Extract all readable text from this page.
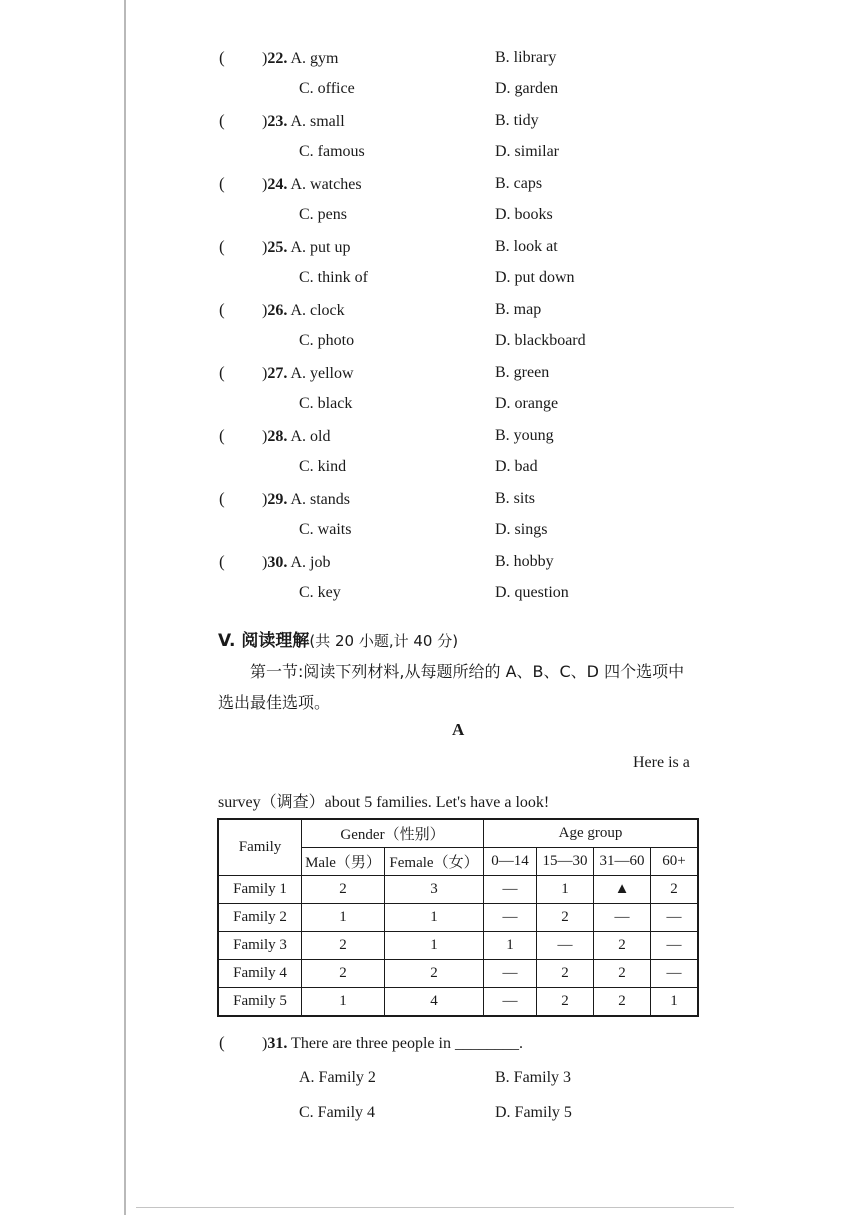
( )22. A. gym	B. library
C. office	D. garden
( )23. A. small	B. tidy
C. famous	D. similar
( )24. A. watches	B. caps
C. pens	D. books
( )25. A. put up	B. look at
C. think of	D. put down
( )26. A. clock	B. map
C. photo	D. blackboard
( )27. A. yellow	B. green
C. black	D. orange
( )28. A. old	B. young
C. kind	D. bad
( )29. A. stands	B. sits
C. waits	D. sings
( )30. A. job	B. hobby
C. key	D. question
V. 阅读理解(共 20 小题,计 40 分)
第一节:阅读下列材料,从每题所给的 A、B、C、D 四个选项中
选出最佳选项。
A
Here is a
survey（调查）about 5 families. Let's have a look!
Family	Gender（性别）		Age group			
	Male（男）	Female（女）	0—14	15—30	31—60	60+
Family 1	2	3	—	1	▲	2
Family 2	1	1	—	2	—	—
Family 3	2	1	1	—	2	—
Family 4	2	2	—	2	2	—
Family 5	1	4	—	2	2	1
( )31. There are three people in ________.
A. Family 2	B. Family 3
C. Family 4	D. Family 5
